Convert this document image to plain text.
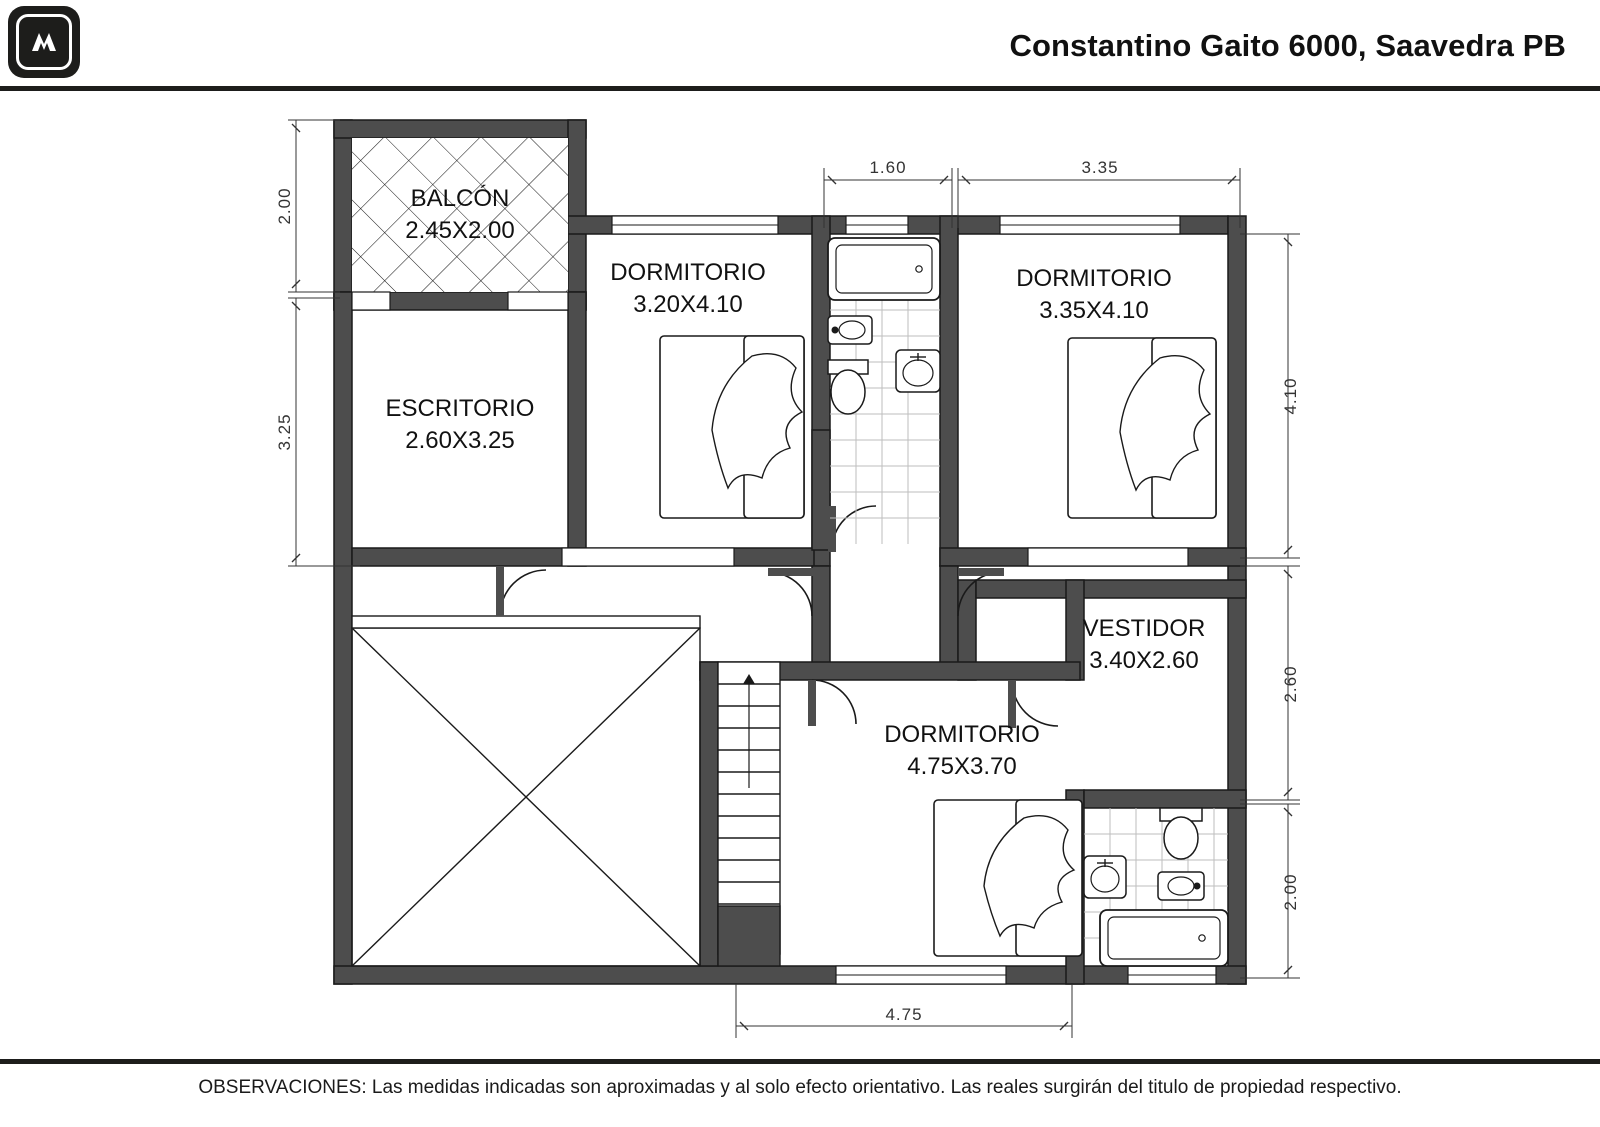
Constantino Gaito 6000, Saavedra PB
2.00
3.25
1.60	3.35
4.10
2.60
2.00
4.75
BALCÓN
2.45X2.00
DORMITORIO
3.20X4.10
DORMITORIO
3.35X4.10
ESCRITORIO
2.60X3.25
VESTIDOR
3.40X2.60
DORMITORIO
4.75X3.70
OBSERVACIONES: Las medidas indicadas son aproximadas y al solo efecto orientativo. Las reales surgirán del titulo de propiedad respectivo.
